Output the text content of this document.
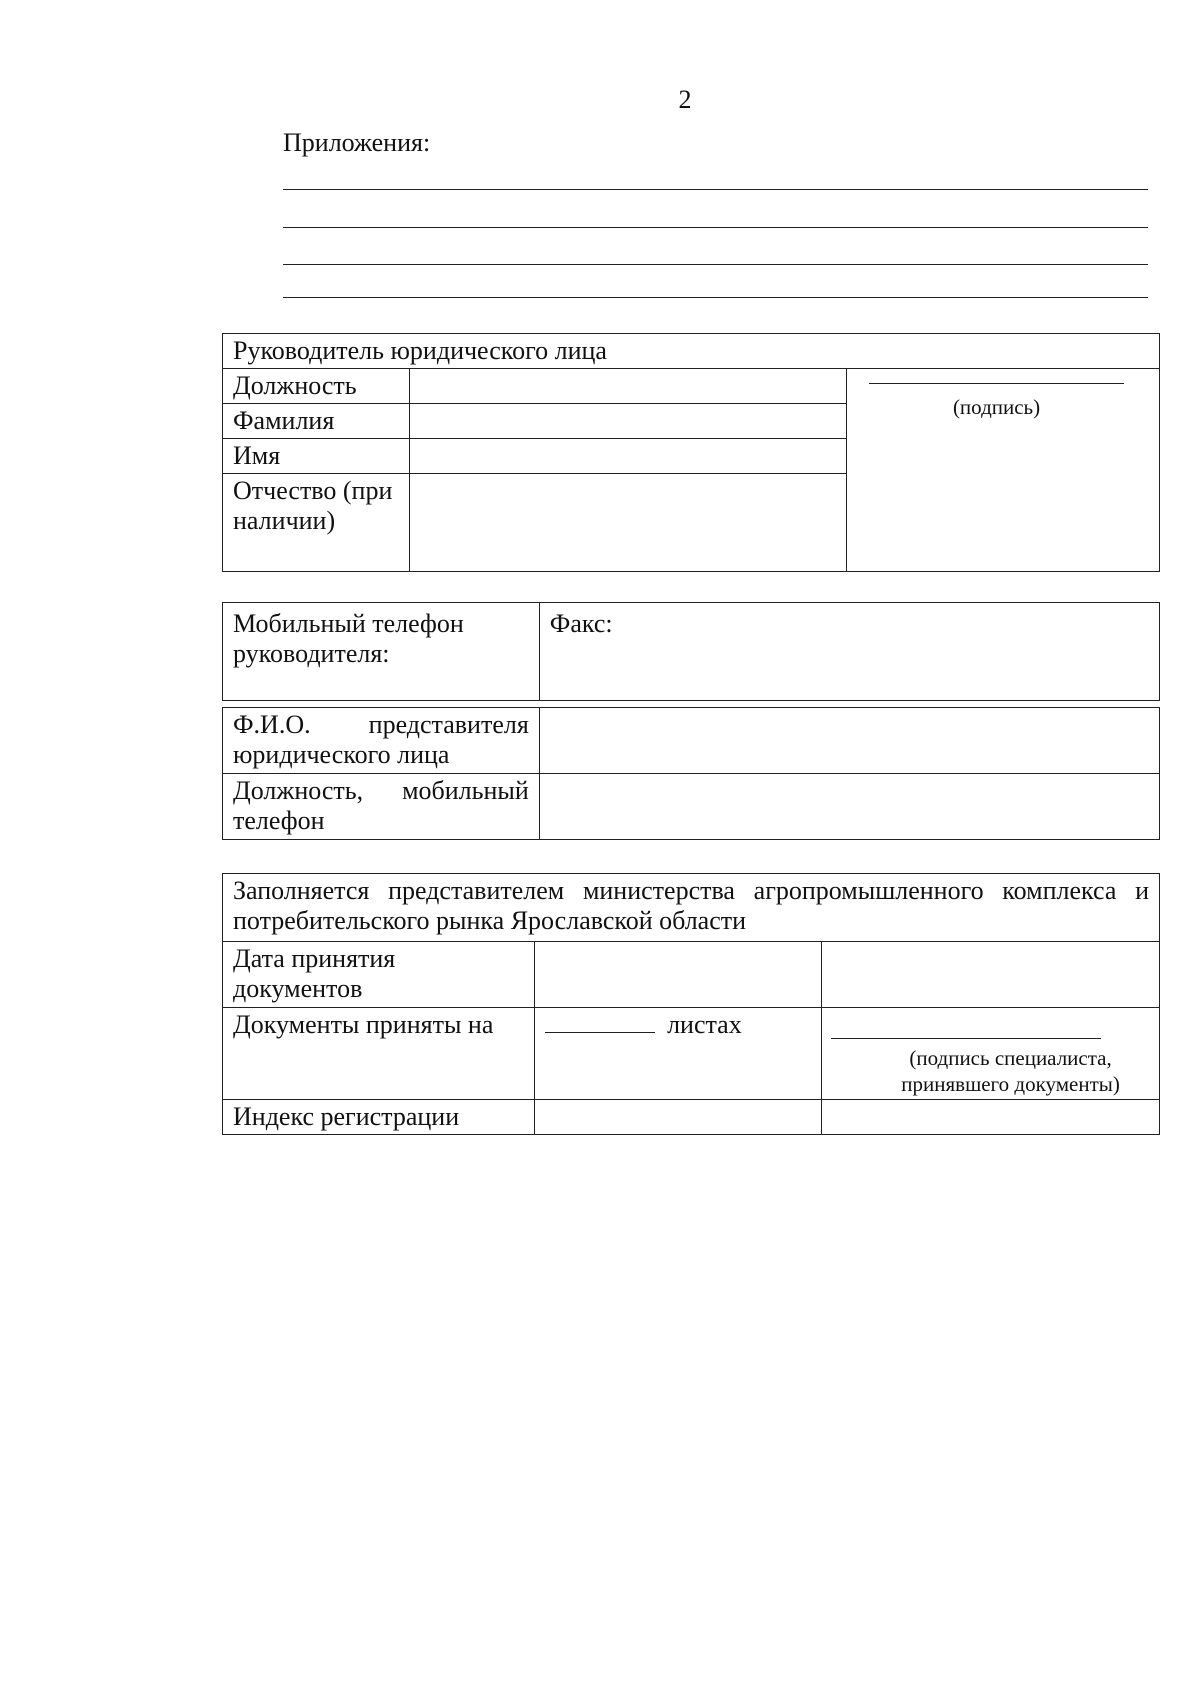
2
Приложения:
Руководитель юридического лица		
Должность		(подпись)

Фамилия		
Имя		
Отчество (при наличии)		
Мобильный телефон руководителя:	Факс:
Ф.И.О. представителя юридического лица	
Должность, мобильный телефон	
Заполняется представителем министерства агропромышленного комплекса и потребительского рынка Ярославской области		
Дата принятия документов		
Документы приняты на	листах	(подпись специалиста, принявшего документы)

Индекс регистрации		
